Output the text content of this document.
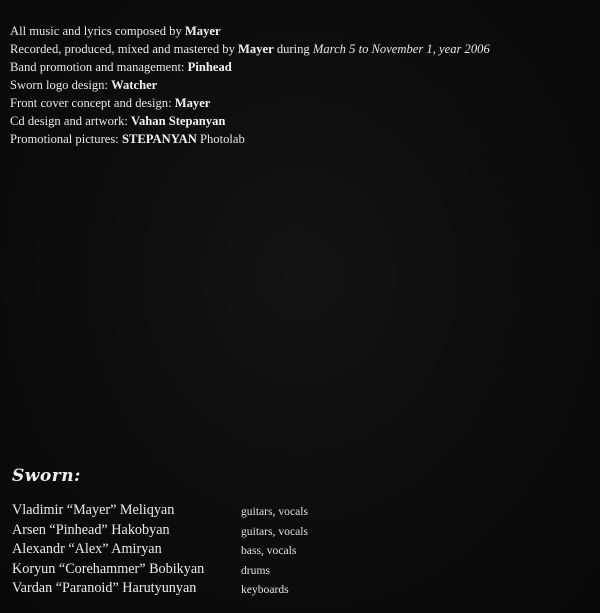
All music and lyrics composed by Mayer
Recorded, produced, mixed and mastered by Mayer during March 5 to November 1, year 2006
Band promotion and management: Pinhead
Sworn logo design: Watcher
Front cover concept and design: Mayer
Cd design and artwork: Vahan Stepanyan
Promotional pictures: STEPANYAN Photolab
Sworn:
Vladimir “Mayer” Meliqyan	guitars, vocals
Arsen “Pinhead” Hakobyan	guitars, vocals
Alexandr “Alex” Amiryan	bass, vocals
Koryun “Corehammer” Bobikyan	drums
Vardan “Paranoid” Harutyunyan	keyboards
